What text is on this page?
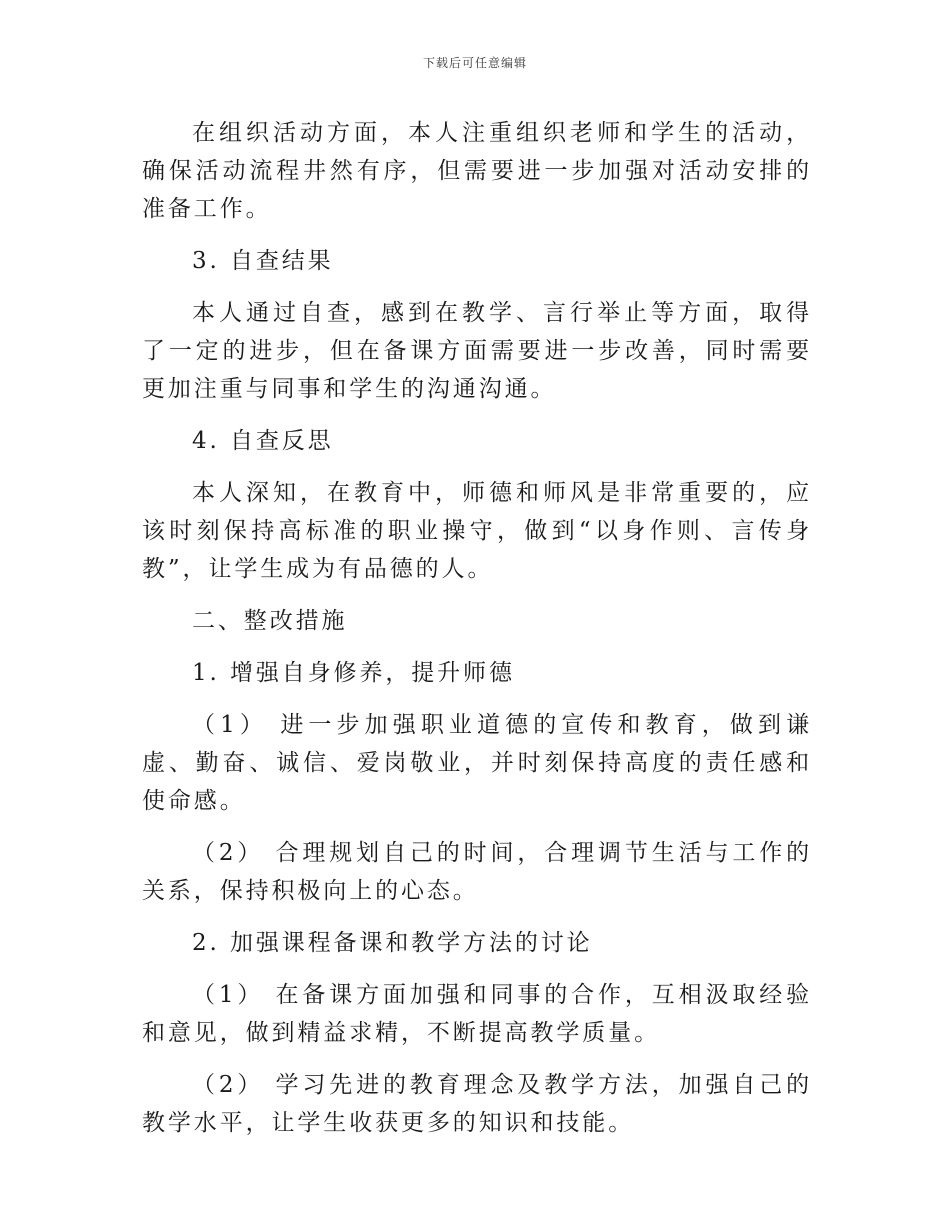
下载后可任意编辑

在组织活动方面，本人注重组织老师和学生的活动，确保活动流程井然有序，但需要进一步加强对活动安排的准备工作。

3. 自查结果

本人通过自查，感到在教学、言行举止等方面，取得了一定的进步，但在备课方面需要进一步改善，同时需要更加注重与同事和学生的沟通沟通。

4. 自查反思

本人深知，在教育中，师德和师风是非常重要的，应该时刻保持高标准的职业操守，做到“以身作则、言传身教”，让学生成为有品德的人。

二、整改措施

1. 增强自身修养，提升师德

（1） 进一步加强职业道德的宣传和教育，做到谦虚、勤奋、诚信、爱岗敬业，并时刻保持高度的责任感和使命感。

（2） 合理规划自己的时间，合理调节生活与工作的关系，保持积极向上的心态。

2. 加强课程备课和教学方法的讨论

（1） 在备课方面加强和同事的合作，互相汲取经验和意见，做到精益求精，不断提高教学质量。

（2） 学习先进的教育理念及教学方法，加强自己的教学水平，让学生收获更多的知识和技能。
